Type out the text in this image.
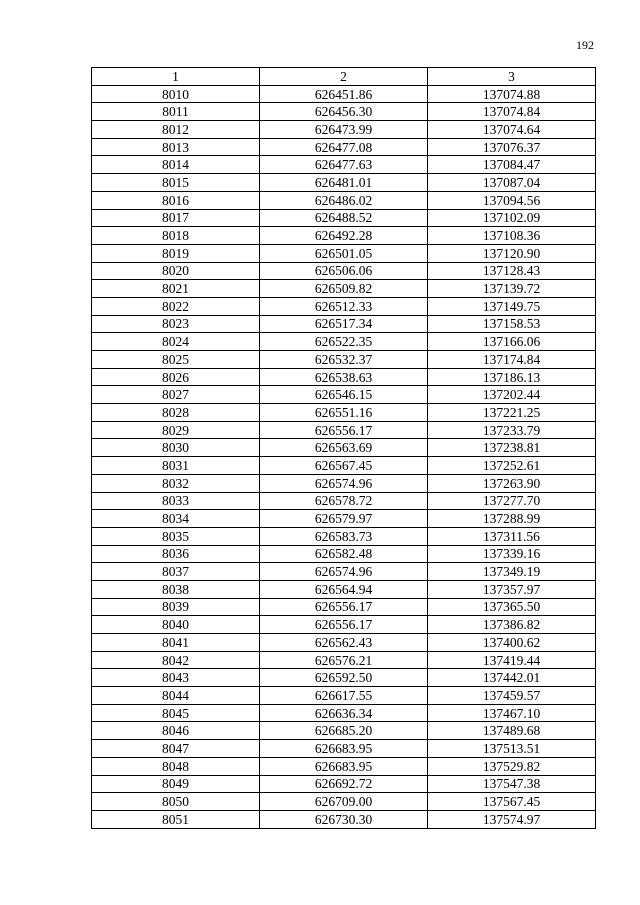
192
1	2	3
8010	626451.86	137074.88
8011	626456.30	137074.84
8012	626473.99	137074.64
8013	626477.08	137076.37
8014	626477.63	137084.47
8015	626481.01	137087.04
8016	626486.02	137094.56
8017	626488.52	137102.09
8018	626492.28	137108.36
8019	626501.05	137120.90
8020	626506.06	137128.43
8021	626509.82	137139.72
8022	626512.33	137149.75
8023	626517.34	137158.53
8024	626522.35	137166.06
8025	626532.37	137174.84
8026	626538.63	137186.13
8027	626546.15	137202.44
8028	626551.16	137221.25
8029	626556.17	137233.79
8030	626563.69	137238.81
8031	626567.45	137252.61
8032	626574.96	137263.90
8033	626578.72	137277.70
8034	626579.97	137288.99
8035	626583.73	137311.56
8036	626582.48	137339.16
8037	626574.96	137349.19
8038	626564.94	137357.97
8039	626556.17	137365.50
8040	626556.17	137386.82
8041	626562.43	137400.62
8042	626576.21	137419.44
8043	626592.50	137442.01
8044	626617.55	137459.57
8045	626636.34	137467.10
8046	626685.20	137489.68
8047	626683.95	137513.51
8048	626683.95	137529.82
8049	626692.72	137547.38
8050	626709.00	137567.45
8051	626730.30	137574.97
